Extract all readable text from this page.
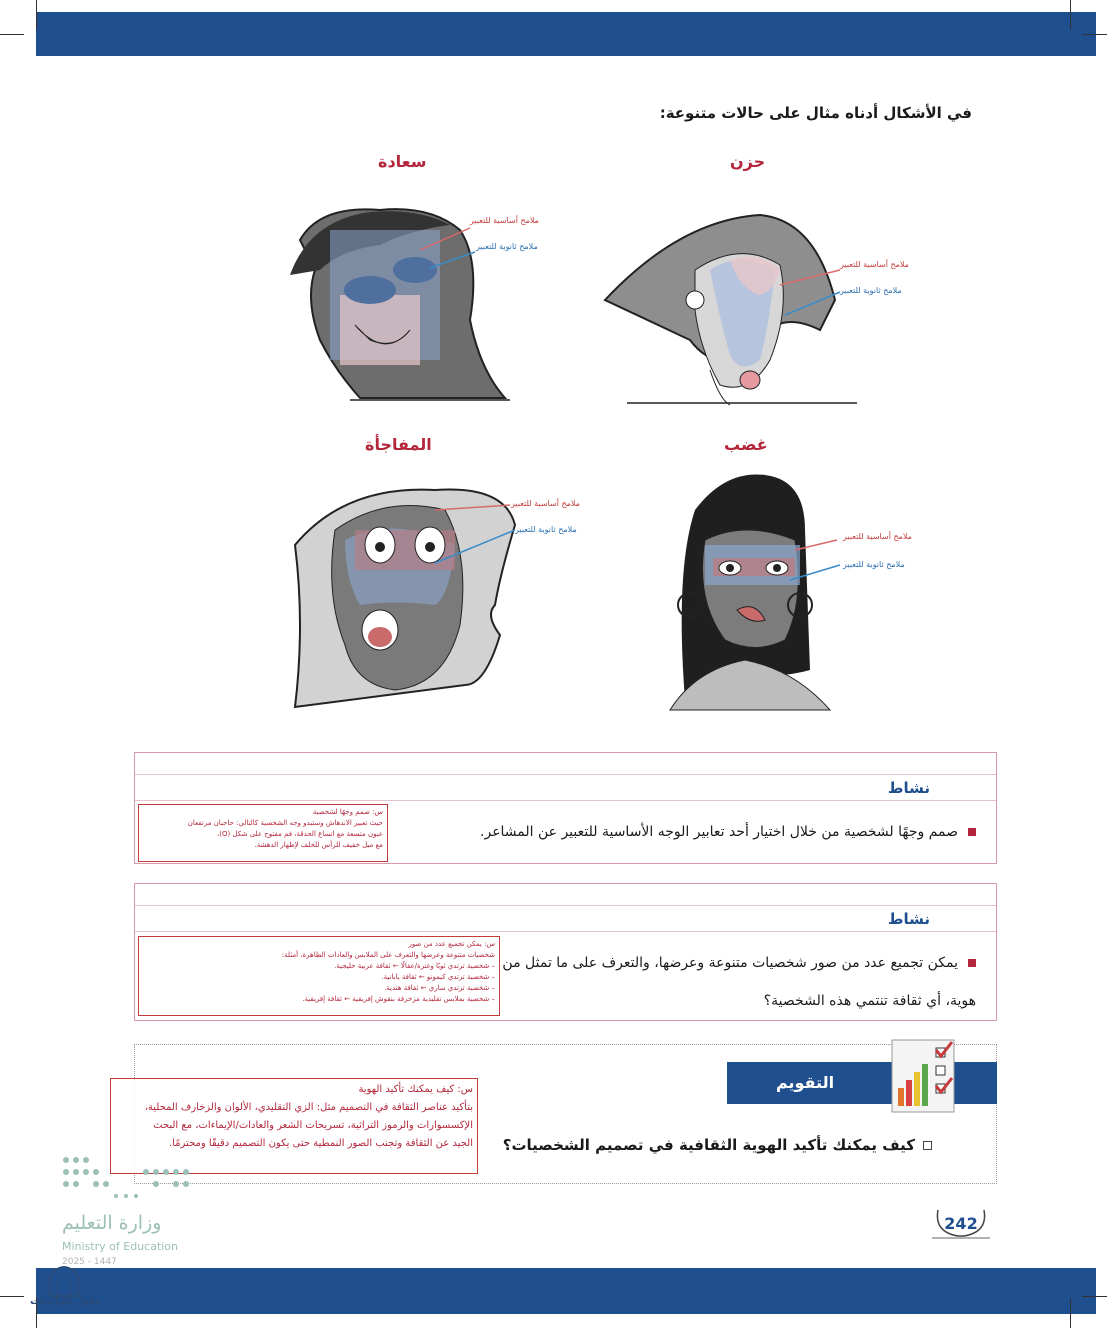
في الأشكال أدناه مثال على حالات متنوعة:
سعادة	حزن
المفاجأة	غضب
ملامح أساسية للتعبير
ملامح ثانوية للتعبير
ملامح أساسية للتعبير
ملامح ثانوية للتعبير
ملامح أساسية للتعبير
ملامح ثانوية للتعبير
ملامح أساسية للتعبير
ملامح ثانوية للتعبير
نشاط
صمم وجهًا لشخصية من خلال اختيار أحد تعابير الوجه الأساسية للتعبير عن المشاعر.
س: صمم وجهًا لشخصية
حيث تعبير الاندهاش وستبدو وجه الشخصية كالتالي: حاجبان مرتفعان
عيون متسعة مع اتساع الحدقة، فم مفتوح على شكل (O)،
مع ميل خفيف للرأس للخلف لإظهار الدهشة.
نشاط
يمكن تجميع عدد من صور شخصيات متنوعة وعرضها، والتعرف على ما تمثل من هوية، أي ثقافة تنتمي هذه الشخصية؟
س: يمكن تجميع عدد من صور
شخصيات متنوعة وعرضها والتعرف على الملابس والعادات الظاهرة، أمثلة:
– شخصية ترتدي ثوبًا وغترة/عقالًا ← ثقافة عربية خليجية.
– شخصية ترتدي كيمونو ← ثقافة يابانية.
– شخصية ترتدي ساري ← ثقافة هندية.
– شخصية بملابس تقليدية مزخرفة بنقوش إفريقية ← ثقافة إفريقية.
التقويم
كيف يمكنك تأكيد الهوية الثقافية في تصميم الشخصيات؟
س: كيف يمكنك تأكيد الهوية
بتأكيد عناصر الثقافة في التصميم مثل: الزي التقليدي، الألوان والزخارف المحلية،
الإكسسوارات والرموز التراثية، تسريحات الشعر والعادات/الإيماءات، مع البحث
الجيد عن الثقافة وتجنب الصور النمطية حتى يكون التصميم دقيقًا ومحترمًا.
242
وزارة التعليم
Ministry of Education
2025 - 1447
حلول الواجبات
